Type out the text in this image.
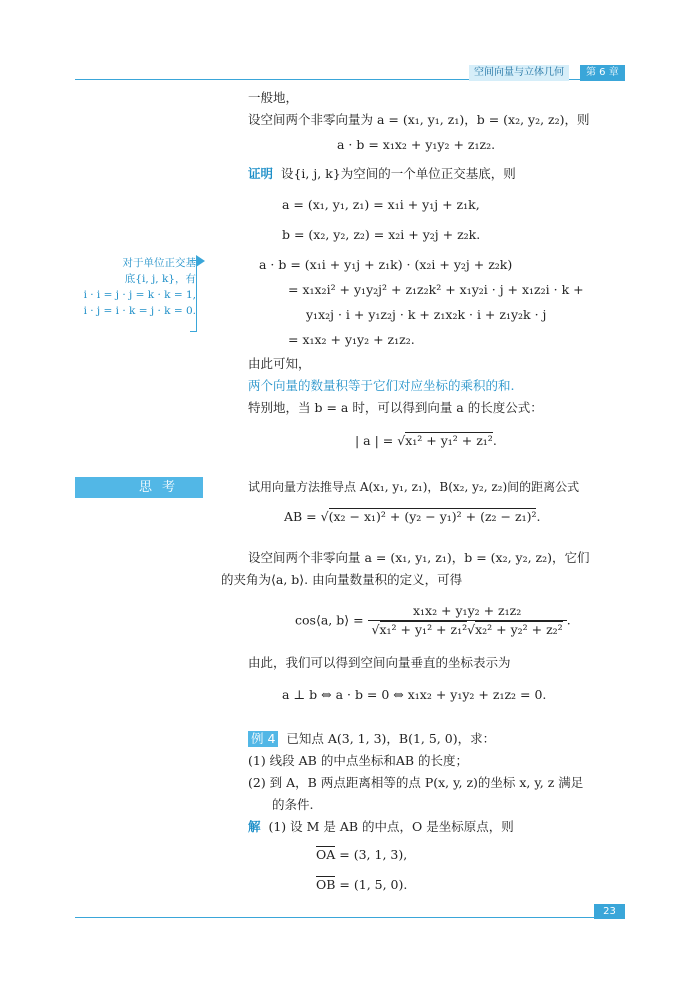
空间向量与立体几何	第 6 章
一般地，
设空间两个非零向量为 a = (x₁, y₁, z₁)，b = (x₂, y₂, z₂)，则
a · b = x₁x₂ + y₁y₂ + z₁z₂.
证明 设{i, j, k}为空间的一个单位正交基底，则
a = (x₁, y₁, z₁) = x₁i + y₁j + z₁k,
b = (x₂, y₂, z₂) = x₂i + y₂j + z₂k.
a · b = (x₁i + y₁j + z₁k) · (x₂i + y₂j + z₂k)
= x₁x₂i² + y₁y₂j² + z₁z₂k² + x₁y₂i · j + x₁z₂i · k +
y₁x₂j · i + y₁z₂j · k + z₁x₂k · i + z₁y₂k · j
= x₁x₂ + y₁y₂ + z₁z₂.
对于单位正交基
底{i, j, k}，有
i · i = j · j = k · k = 1,
i · j = i · k = j · k = 0.
由此可知，
两个向量的数量积等于它们对应坐标的乘积的和.
特别地，当 b = a 时，可以得到向量 a 的长度公式：
| a | = √x₁² + y₁² + z₁².
思考	试用向量方法推导点 A(x₁, y₁, z₁)，B(x₂, y₂, z₂)间的距离公式
AB = √(x₂ − x₁)² + (y₂ − y₁)² + (z₂ − z₁)².
设空间两个非零向量 a = (x₁, y₁, z₁)，b = (x₂, y₂, z₂)，它们
的夹角为⟨a, b⟩. 由向量数量积的定义，可得
cos⟨a, b⟩ = $\frac{\text{x₁x₂ + y₁y₂ + z₁z₂}}{\text{√x₁² + y₁² + z₁²√x₂² + y₂² + z₂²}}$ .
由此，我们可以得到空间向量垂直的坐标表示为
a ⊥ b ⇔ a · b = 0 ⇔ x₁x₂ + y₁y₂ + z₁z₂ = 0.
例 4 已知点 A(3, 1, 3)，B(1, 5, 0)，求：
(1) 线段 AB 的中点坐标和AB 的长度；
(2) 到 A，B 两点距离相等的点 P(x, y, z)的坐标 x, y, z 满足
的条件.
解 (1) 设 M 是 AB 的中点，O 是坐标原点，则
OA = (3, 1, 3),
OB = (1, 5, 0).
23
